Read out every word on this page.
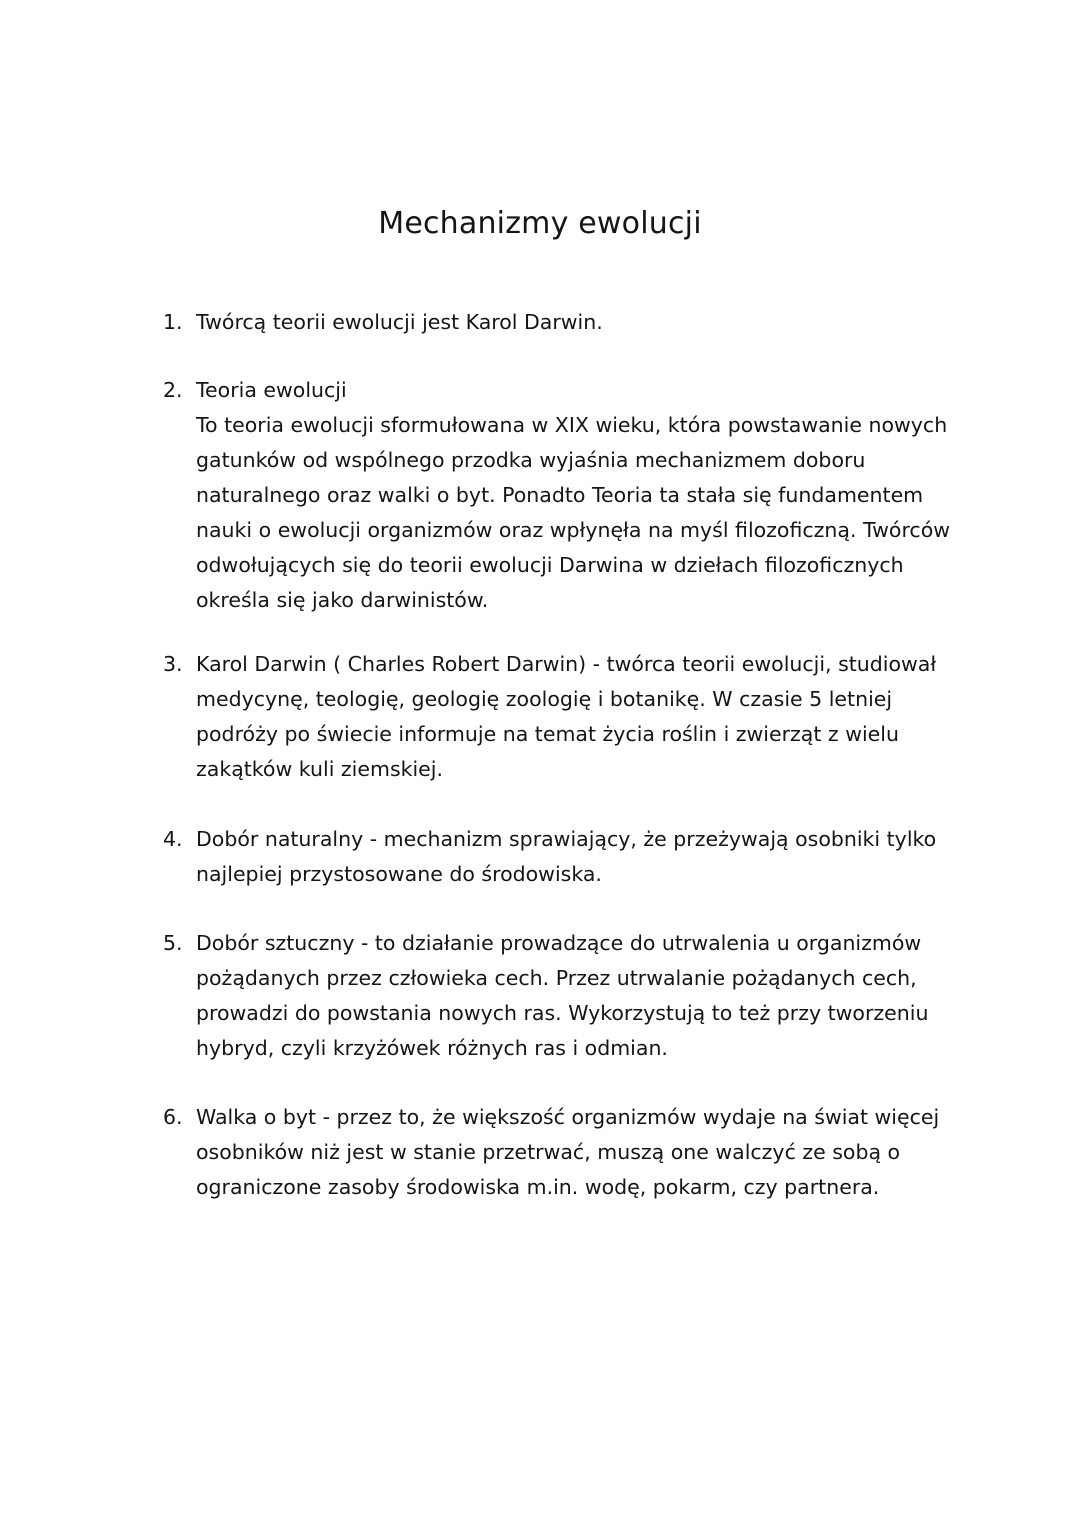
Mechanizmy ewolucji
1. Twórcą teorii ewolucji jest Karol Darwin.
2. Teoria ewolucji
To teoria ewolucji sformułowana w XIX wieku, która powstawanie nowych
gatunków od wspólnego przodka wyjaśnia mechanizmem doboru
naturalnego oraz walki o byt. Ponadto Teoria ta stała się fundamentem
nauki o ewolucji organizmów oraz wpłynęła na myśl filozoficzną. Twórców
odwołujących się do teorii ewolucji Darwina w dziełach filozoficznych
określa się jako darwinistów.
3. Karol Darwin ( Charles Robert Darwin) - twórca teorii ewolucji, studiował
medycynę, teologię, geologię zoologię i botanikę. W czasie 5 letniej
podróży po świecie informuje na temat życia roślin i zwierząt z wielu
zakątków kuli ziemskiej.
4. Dobór naturalny - mechanizm sprawiający, że przeżywają osobniki tylko
najlepiej przystosowane do środowiska.
5. Dobór sztuczny - to działanie prowadzące do utrwalenia u organizmów
pożądanych przez człowieka cech. Przez utrwalanie pożądanych cech,
prowadzi do powstania nowych ras. Wykorzystują to też przy tworzeniu
hybryd, czyli krzyżówek różnych ras i odmian.
6. Walka o byt - przez to, że większość organizmów wydaje na świat więcej
osobników niż jest w stanie przetrwać, muszą one walczyć ze sobą o
ograniczone zasoby środowiska m.in. wodę, pokarm, czy partnera.
